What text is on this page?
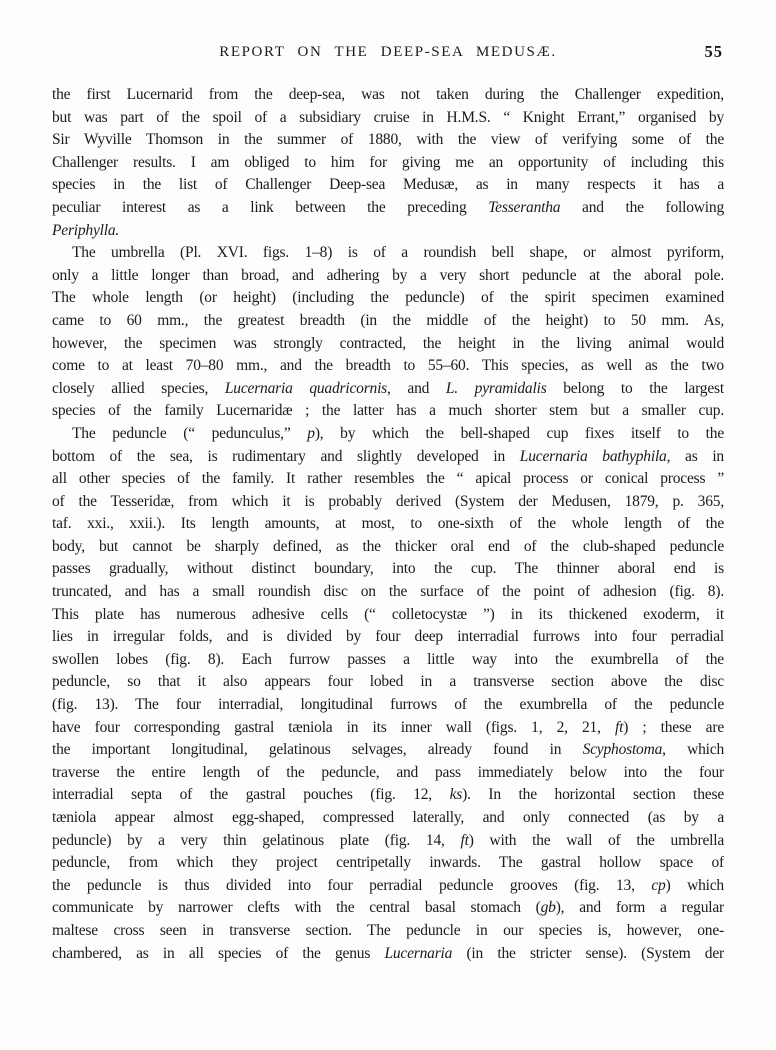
REPORT ON THE DEEP-SEA MEDUSÆ.	55
the first Lucernarid from the deep-sea, was not taken during the Challenger expedition,
but was part of the spoil of a subsidiary cruise in H.M.S. “ Knight Errant,” organised by
Sir Wyville Thomson in the summer of 1880, with the view of verifying some of the
Challenger results. I am obliged to him for giving me an opportunity of including this
species in the list of Challenger Deep-sea Medusæ, as in many respects it has a
peculiar interest as a link between the preceding Tesserantha and the following
Periphylla.
The umbrella (Pl. XVI. figs. 1–8) is of a roundish bell shape, or almost pyriform,
only a little longer than broad, and adhering by a very short peduncle at the aboral pole.
The whole length (or height) (including the peduncle) of the spirit specimen examined
came to 60 mm., the greatest breadth (in the middle of the height) to 50 mm. As,
however, the specimen was strongly contracted, the height in the living animal would
come to at least 70–80 mm., and the breadth to 55–60. This species, as well as the two
closely allied species, Lucernaria quadricornis, and L. pyramidalis belong to the largest
species of the family Lucernaridæ ; the latter has a much shorter stem but a smaller cup.
The peduncle (“ pedunculus,” p), by which the bell-shaped cup fixes itself to the
bottom of the sea, is rudimentary and slightly developed in Lucernaria bathyphila, as in
all other species of the family. It rather resembles the “ apical process or conical process ”
of the Tesseridæ, from which it is probably derived (System der Medusen, 1879, p. 365,
taf. xxi., xxii.). Its length amounts, at most, to one-sixth of the whole length of the
body, but cannot be sharply defined, as the thicker oral end of the club-shaped peduncle
passes gradually, without distinct boundary, into the cup. The thinner aboral end is
truncated, and has a small roundish disc on the surface of the point of adhesion (fig. 8).
This plate has numerous adhesive cells (“ colletocystæ ”) in its thickened exoderm, it
lies in irregular folds, and is divided by four deep interradial furrows into four perradial
swollen lobes (fig. 8). Each furrow passes a little way into the exumbrella of the
peduncle, so that it also appears four lobed in a transverse section above the disc
(fig. 13). The four interradial, longitudinal furrows of the exumbrella of the peduncle
have four corresponding gastral tæniola in its inner wall (figs. 1, 2, 21, ft) ; these are
the important longitudinal, gelatinous selvages, already found in Scyphostoma, which
traverse the entire length of the peduncle, and pass immediately below into the four
interradial septa of the gastral pouches (fig. 12, ks). In the horizontal section these
tæniola appear almost egg-shaped, compressed laterally, and only connected (as by a
peduncle) by a very thin gelatinous plate (fig. 14, ft) with the wall of the umbrella
peduncle, from which they project centripetally inwards. The gastral hollow space of
the peduncle is thus divided into four perradial peduncle grooves (fig. 13, cp) which
communicate by narrower clefts with the central basal stomach (gb), and form a regular
maltese cross seen in transverse section. The peduncle in our species is, however, one-
chambered, as in all species of the genus Lucernaria (in the stricter sense). (System der
